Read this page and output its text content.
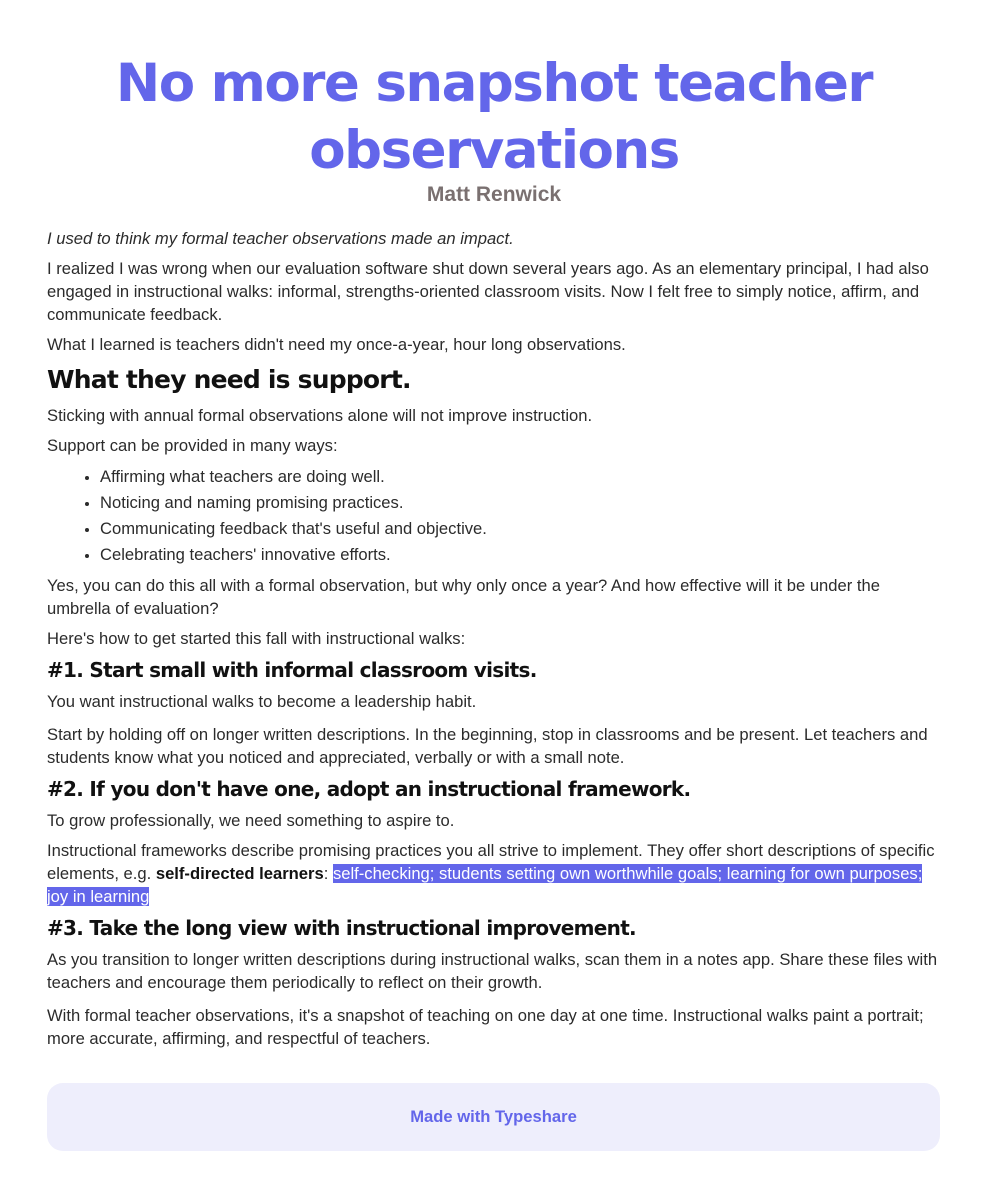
No more snapshot teacher observations
Matt Renwick

I used to think my formal teacher observations made an impact.

I realized I was wrong when our evaluation software shut down several years ago. As an elementary principal, I had also engaged in instructional walks: informal, strengths-oriented classroom visits. Now I felt free to simply notice, affirm, and communicate feedback.

What I learned is teachers didn't need my once-a-year, hour long observations.

What they need is support.

Sticking with annual formal observations alone will not improve instruction.

Support can be provided in many ways:

• Affirming what teachers are doing well.
• Noticing and naming promising practices.
• Communicating feedback that's useful and objective.
• Celebrating teachers' innovative efforts.

Yes, you can do this all with a formal observation, but why only once a year? And how effective will it be under the umbrella of evaluation?

Here's how to get started this fall with instructional walks:

#1. Start small with informal classroom visits.

You want instructional walks to become a leadership habit.

Start by holding off on longer written descriptions. In the beginning, stop in classrooms and be present. Let teachers and students know what you noticed and appreciated, verbally or with a small note.

#2. If you don't have one, adopt an instructional framework.

To grow professionally, we need something to aspire to.

Instructional frameworks describe promising practices you all strive to implement. They offer short descriptions of specific elements, e.g. self-directed learners: self-checking; students setting own worthwhile goals; learning for own purposes; joy in learning

#3. Take the long view with instructional improvement.

As you transition to longer written descriptions during instructional walks, scan them in a notes app. Share these files with teachers and encourage them periodically to reflect on their growth.

With formal teacher observations, it's a snapshot of teaching on one day at one time. Instructional walks paint a portrait; more accurate, affirming, and respectful of teachers.

Made with Typeshare
